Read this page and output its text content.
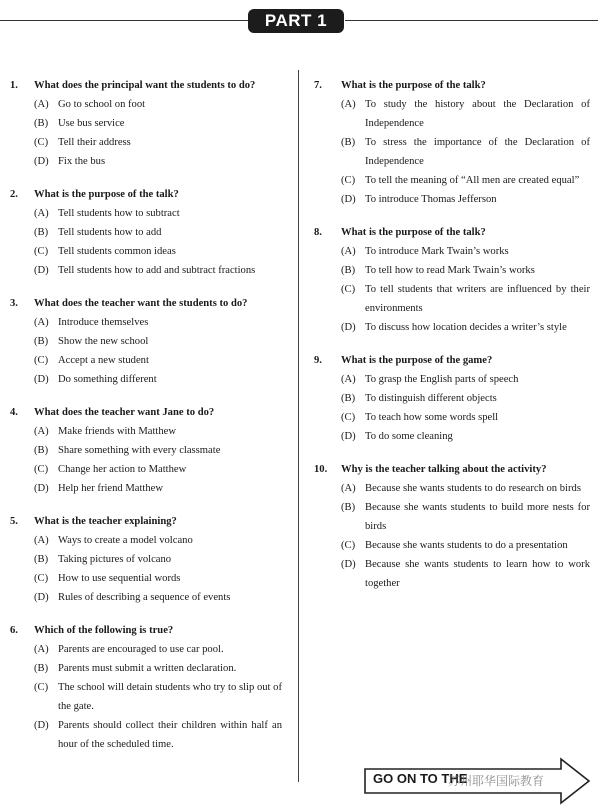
PART 1
1.	What does the principal want the students to do?
(A) Go to school on foot
(B) Use bus service
(C) Tell their address
(D) Fix the bus
2.	What is the purpose of the talk?
(A) Tell students how to subtract
(B) Tell students how to add
(C) Tell students common ideas
(D) Tell students how to add and subtract fractions
3.	What does the teacher want the students to do?
(A) Introduce themselves
(B) Show the new school
(C) Accept a new student
(D) Do something different
4.	What does the teacher want Jane to do?
(A) Make friends with Matthew
(B) Share something with every classmate
(C) Change her action to Matthew
(D) Help her friend Matthew
5.	What is the teacher explaining?
(A) Ways to create a model volcano
(B) Taking pictures of volcano
(C) How to use sequential words
(D) Rules of describing a sequence of events
6.	Which of the following is true?
(A) Parents are encouraged to use car pool.
(B) Parents must submit a written declaration.
(C) The school will detain students who try to slip out of the gate.
(D) Parents should collect their children within half an hour of the scheduled time.
7.	What is the purpose of the talk?
(A) To study the history about the Declaration of Independence
(B) To stress the importance of the Declaration of Independence
(C) To tell the meaning of “All men are created equal”
(D) To introduce Thomas Jefferson
8.	What is the purpose of the talk?
(A) To introduce Mark Twain’s works
(B) To tell how to read Mark Twain’s works
(C) To tell students that writers are influenced by their environments
(D) To discuss how location decides a writer’s style
9.	What is the purpose of the game?
(A) To grasp the English parts of speech
(B) To distinguish different objects
(C) To teach how some words spell
(D) To do some cleaning
10.	Why is the teacher talking about the activity?
(A) Because she wants students to do research on birds
(B) Because she wants students to build more nests for birds
(C) Because she wants students to do a presentation
(D) Because she wants students to learn how to work together
GO ON TO THE
苏州耶华国际教育
